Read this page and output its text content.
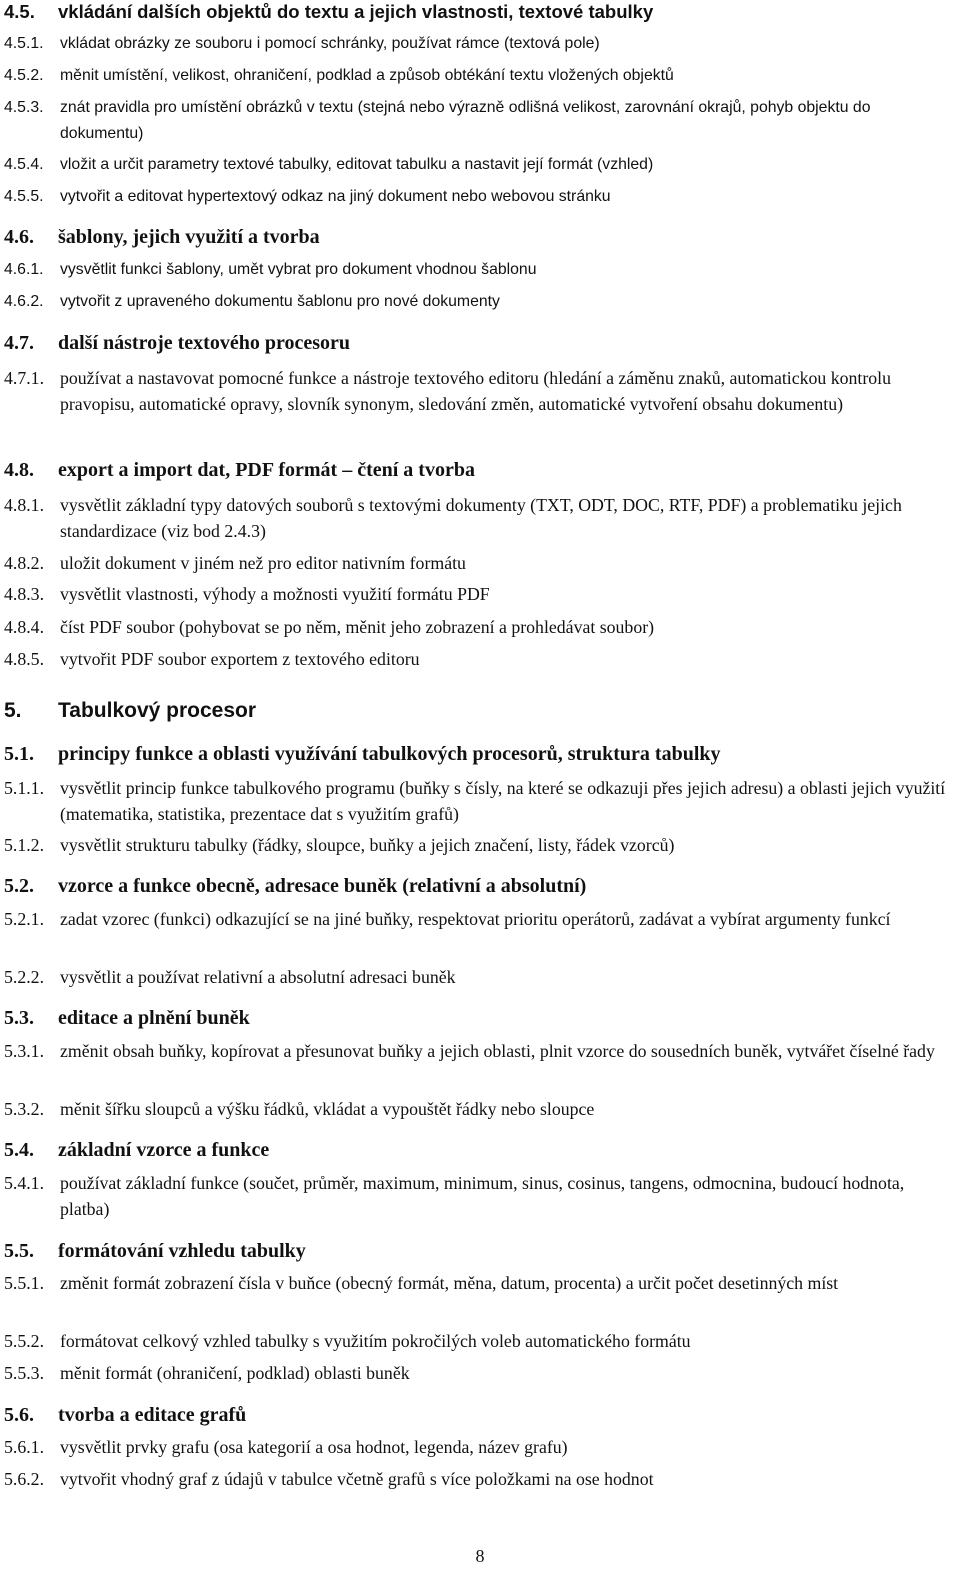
4.5.	vkládání dalších objektů do textu a jejich vlastnosti, textové tabulky
4.5.1.	vkládat obrázky ze souboru i pomocí schránky, používat rámce (textová pole)
4.5.2.	měnit umístění, velikost, ohraničení, podklad a způsob obtékání textu vložených objektů
4.5.3.	znát pravidla pro umístění obrázků v textu (stejná nebo výrazně odlišná velikost, zarovnání okrajů, pohyb objektu do dokumentu)
4.5.4.	vložit a určit parametry textové tabulky, editovat tabulku a nastavit její formát (vzhled)
4.5.5.	vytvořit a editovat hypertextový odkaz na jiný dokument nebo webovou stránku
4.6.	šablony, jejich využití a tvorba
4.6.1.	vysvětlit funkci šablony, umět vybrat pro dokument vhodnou šablonu
4.6.2.	vytvořit z upraveného dokumentu šablonu pro nové dokumenty
4.7.	další nástroje textového procesoru
4.7.1. používat a nastavovat pomocné funkce a nástroje textového editoru (hledání a záměnu znaků, automatickou kontrolu pravopisu, automatické opravy, slovník synonym, sledování změn, automatické vytvoření obsahu dokumentu)
4.8.	export a import dat, PDF formát – čtení a tvorba
4.8.1. vysvětlit základní typy datových souborů s textovými dokumenty (TXT, ODT, DOC, RTF, PDF) a problematiku jejich standardizace (viz bod 2.4.3)
4.8.2. uložit dokument v jiném než pro editor nativním formátu
4.8.3. vysvětlit vlastnosti, výhody a možnosti využití formátu PDF
4.8.4. číst PDF soubor (pohybovat se po něm, měnit jeho zobrazení a prohledávat soubor)
4.8.5. vytvořit PDF soubor exportem z textového editoru
5.	Tabulkový procesor
5.1.	principy funkce a oblasti využívání tabulkových procesorů, struktura tabulky
5.1.1. vysvětlit princip funkce tabulkového programu (buňky s čísly, na které se odkazuji přes jejich adresu) a oblasti jejich využití (matematika, statistika, prezentace dat s využitím grafů)
5.1.2. vysvětlit strukturu tabulky (řádky, sloupce, buňky a jejich značení, listy, řádek vzorců)
5.2.	vzorce a funkce obecně, adresace buněk (relativní a absolutní)
5.2.1. zadat vzorec (funkci) odkazující se na jiné buňky, respektovat prioritu operátorů, zadávat a vybírat argumenty funkcí
5.2.2. vysvětlit a používat relativní a absolutní adresaci buněk
5.3.	editace a plnění buněk
5.3.1. změnit obsah buňky, kopírovat a přesunovat buňky a jejich oblasti, plnit vzorce do sousedních buněk, vytvářet číselné řady
5.3.2. měnit šířku sloupců a výšku řádků, vkládat a vypouštět řádky nebo sloupce
5.4.	základní vzorce a funkce
5.4.1. používat základní funkce (součet, průměr, maximum, minimum, sinus, cosinus, tangens, odmocnina, budoucí hodnota, platba)
5.5.	formátování vzhledu tabulky
5.5.1. změnit formát zobrazení čísla v buňce (obecný formát, měna, datum, procenta) a určit počet desetinných míst
5.5.2. formátovat celkový vzhled tabulky s využitím pokročilých voleb automatického formátu
5.5.3. měnit formát (ohraničení, podklad) oblasti buněk
5.6.	tvorba a editace grafů
5.6.1. vysvětlit prvky grafu (osa kategorií a osa hodnot, legenda, název grafu)
5.6.2. vytvořit vhodný graf z údajů v tabulce včetně grafů s více položkami na ose hodnot
8
